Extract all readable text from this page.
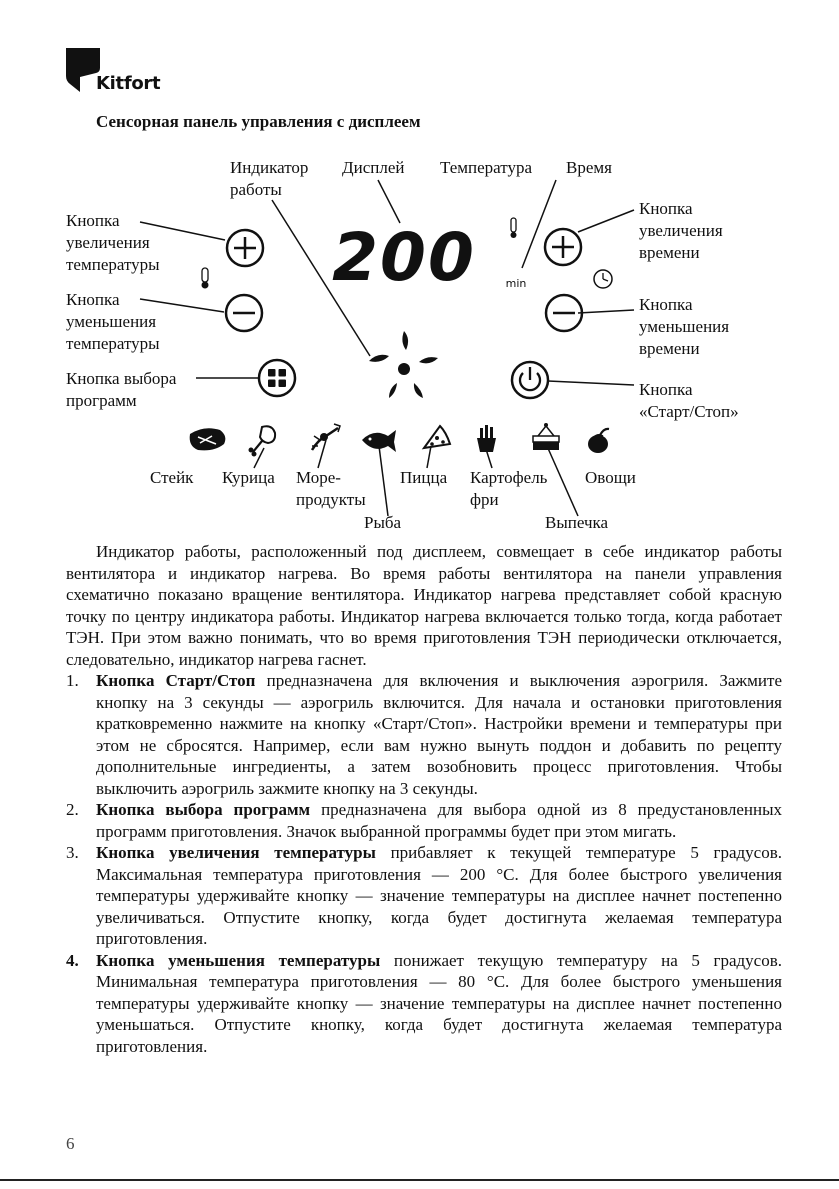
Kitfort
Сенсорная панель управления с дисплеем
200	min
Индикатор
работы
Дисплей Температура Время
Кнопка
увеличения
температуры
Кнопка
уменьшения
температуры
Кнопка выбора
программ
Кнопка
увеличения
времени
Кнопка
уменьшения
времени
Кнопка
«Старт/Стоп»
Стейк Курица Море-
продукты
Рыба
Пицца Картофель
фри
Выпечка
Овощи

Индикатор работы, расположенный под дисплеем, совмещает в себе индикатор работы вентилятора и индикатор нагрева. Во время работы вентилятора на панели управления схематично показано вращение вентилятора. Индикатор нагрева представляет собой красную точку по центру индикатора работы. Индикатор нагрева включается только тогда, когда работает ТЭН. При этом важно понимать, что во время приготовления ТЭН периодически отключается, следовательно, индикатор нагрева гаснет.

1. Кнопка Старт/Стоп предназначена для включения и выключения аэрогриля. Зажмите кнопку на 3 секунды — аэрогриль включится. Для начала и остановки приготовления кратковременно нажмите на кнопку «Старт/Стоп». Настройки времени и температуры при этом не сбросятся. Например, если вам нужно вынуть поддон и добавить по рецепту дополнительные ингредиенты, а затем возобновить процесс приготовления. Чтобы выключить аэрогриль зажмите кнопку на 3 секунды.
2. Кнопка выбора программ предназначена для выбора одной из 8 предустановленных программ приготовления. Значок выбранной программы будет при этом мигать.
3. Кнопка увеличения температуры прибавляет к текущей температуре 5 градусов. Максимальная температура приготовления — 200 °С. Для более быстрого увеличения температуры удерживайте кнопку — значение температуры на дисплее начнет постепенно увеличиваться. Отпустите кнопку, когда будет достигнута желаемая температура приготовления.
4. Кнопка уменьшения температуры понижает текущую температуру на 5 градусов. Минимальная температура приготовления — 80 °С. Для более быстрого уменьшения температуры удерживайте кнопку — значение температуры на дисплее начнет постепенно уменьшаться. Отпустите кнопку, когда будет достигнута желаемая температура приготовления.
6
